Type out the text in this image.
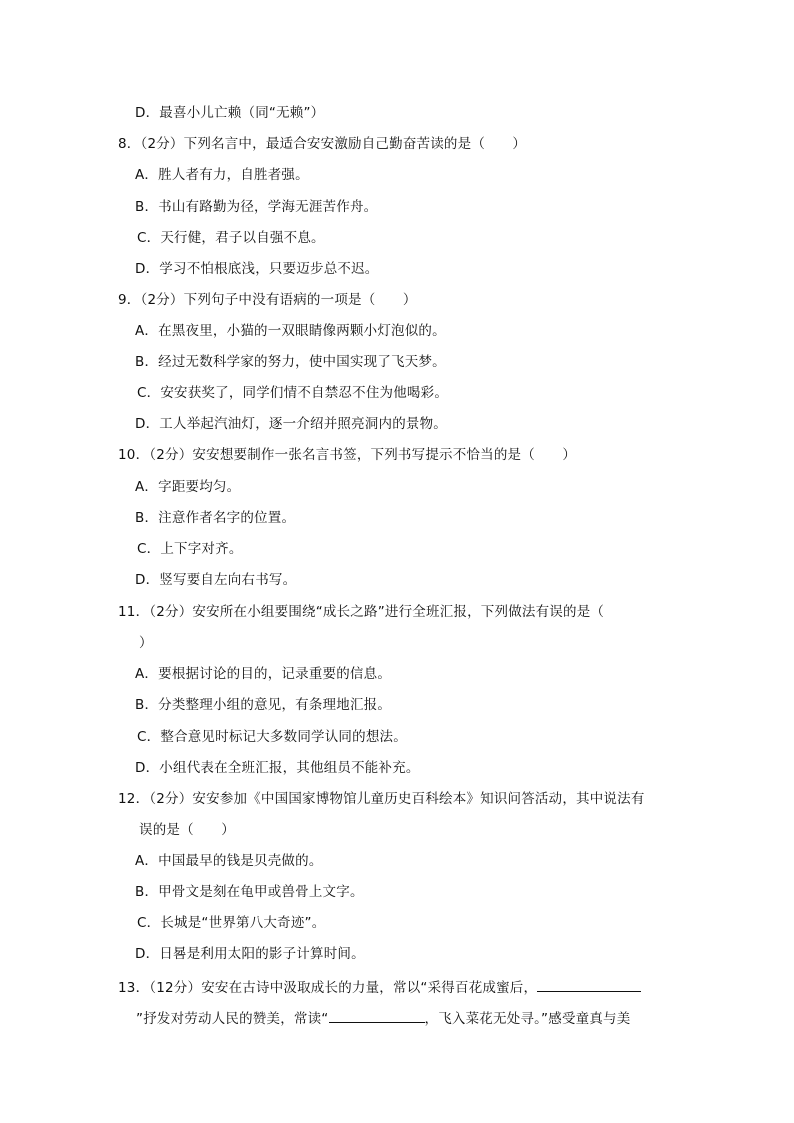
D．最喜小儿亡赖（同“无赖”）
8．（2分）下列名言中，最适合安安激励自己勤奋苦读的是（　　）
A．胜人者有力，自胜者强。
B．书山有路勤为径，学海无涯苦作舟。
C．天行健，君子以自强不息。
D．学习不怕根底浅，只要迈步总不迟。
9．（2分）下列句子中没有语病的一项是（　　）
A．在黑夜里，小猫的一双眼睛像两颗小灯泡似的。
B．经过无数科学家的努力，使中国实现了飞天梦。
C．安安获奖了，同学们情不自禁忍不住为他喝彩。
D．工人举起汽油灯，逐一介绍并照亮洞内的景物。
10．（2分）安安想要制作一张名言书签，下列书写提示不恰当的是（　　）
A．字距要均匀。
B．注意作者名字的位置。
C．上下字对齐。
D．竖写要自左向右书写。
11．（2分）安安所在小组要围绕“成长之路”进行全班汇报，下列做法有误的是（
）
A．要根据讨论的目的，记录重要的信息。
B．分类整理小组的意见，有条理地汇报。
C．整合意见时标记大多数同学认同的想法。
D．小组代表在全班汇报，其他组员不能补充。
12．（2分）安安参加《中国国家博物馆儿童历史百科绘本》知识问答活动，其中说法有
误的是（　　）
A．中国最早的钱是贝壳做的。
B．甲骨文是刻在龟甲或兽骨上文字。
C．长城是“世界第八大奇迹”。
D．日晷是利用太阳的影子计算时间。
13．（12分）安安在古诗中汲取成长的力量，常以“采得百花成蜜后，
”抒发对劳动人民的赞美，常读“	，飞入菜花无处寻。”感受童真与美
